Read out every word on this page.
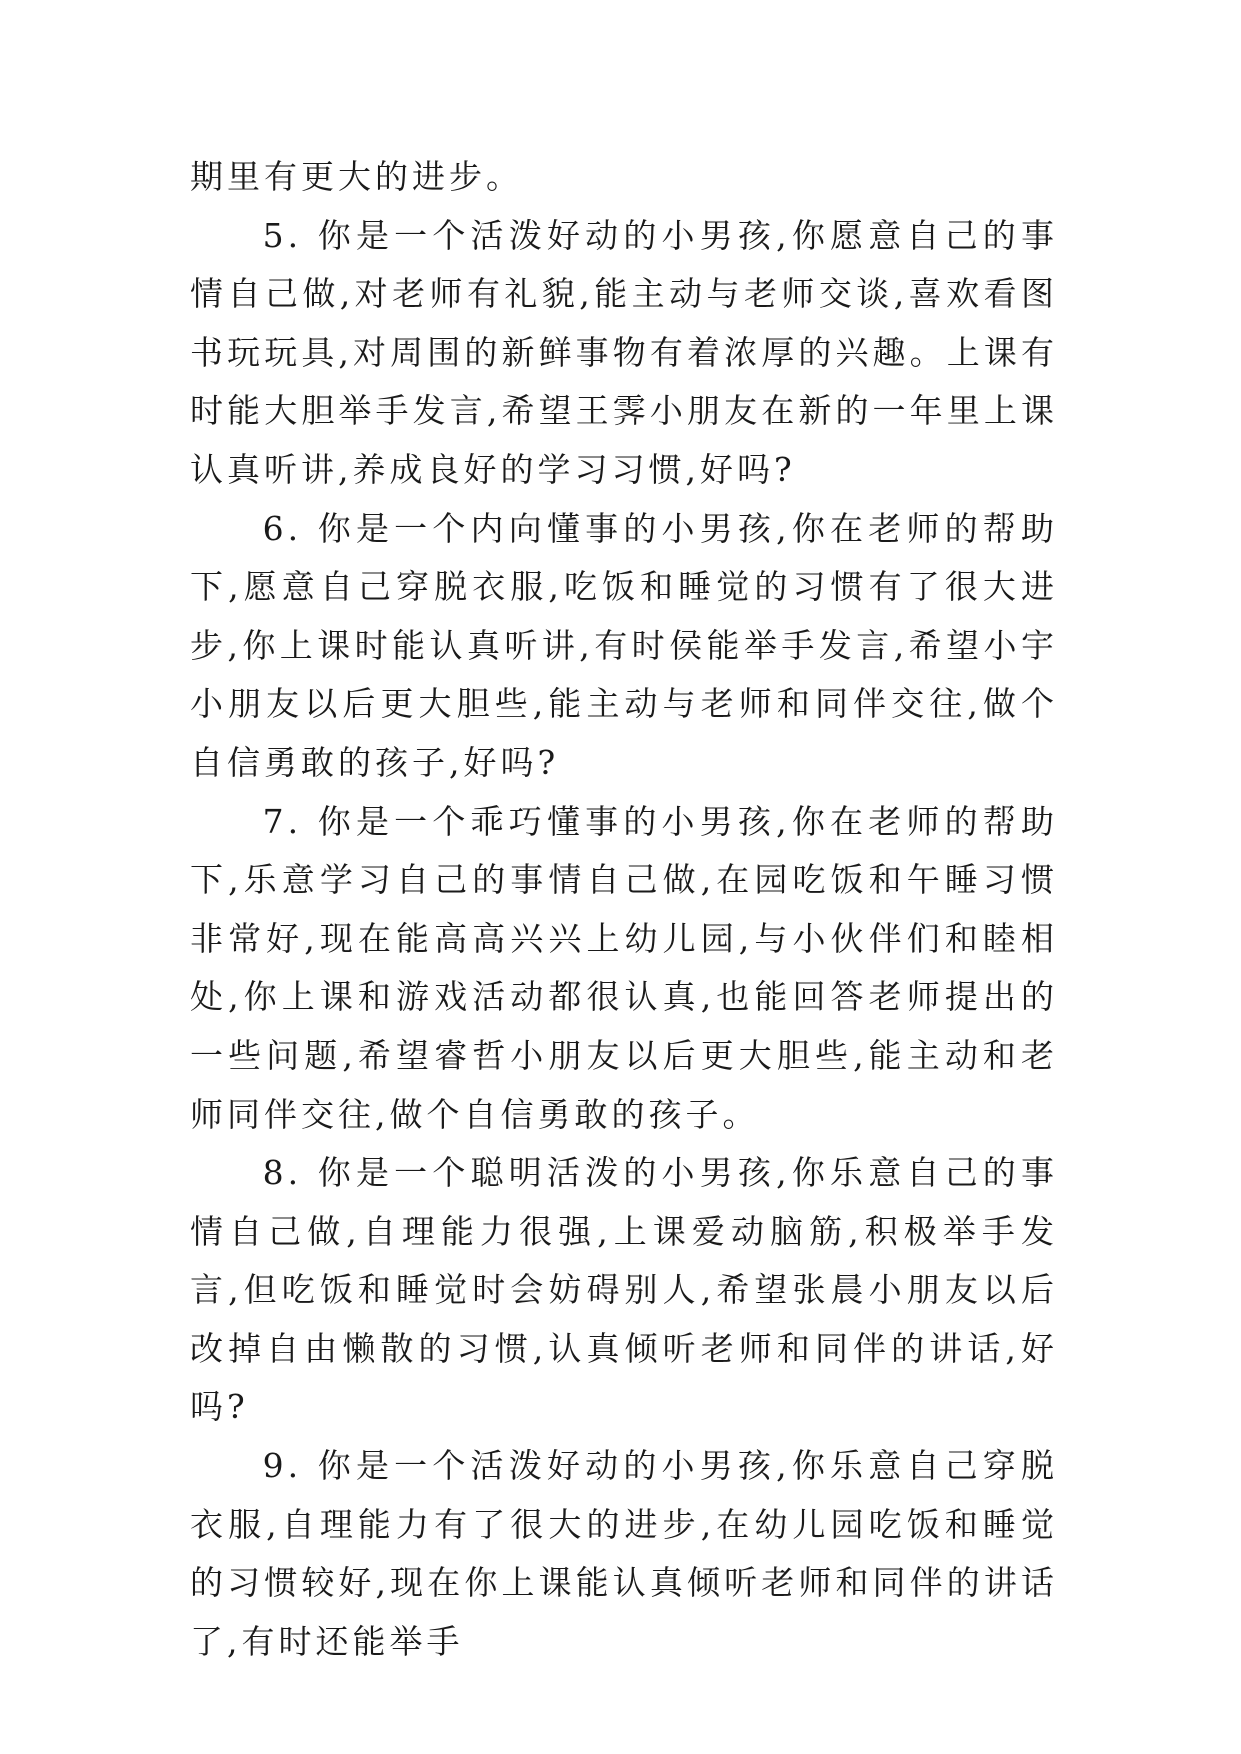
期里有更大的进步。

5. 你是一个活泼好动的小男孩,你愿意自己的事情自己做,对老师有礼貌,能主动与老师交谈,喜欢看图书玩玩具,对周围的新鲜事物有着浓厚的兴趣。上课有时能大胆举手发言,希望王霁小朋友在新的一年里上课认真听讲,养成良好的学习习惯,好吗?

6. 你是一个内向懂事的小男孩,你在老师的帮助下,愿意自己穿脱衣服,吃饭和睡觉的习惯有了很大进步,你上课时能认真听讲,有时侯能举手发言,希望小宇小朋友以后更大胆些,能主动与老师和同伴交往,做个自信勇敢的孩子,好吗?

7. 你是一个乖巧懂事的小男孩,你在老师的帮助下,乐意学习自己的事情自己做,在园吃饭和午睡习惯非常好,现在能高高兴兴上幼儿园,与小伙伴们和睦相处,你上课和游戏活动都很认真,也能回答老师提出的一些问题,希望睿哲小朋友以后更大胆些,能主动和老师同伴交往,做个自信勇敢的孩子。

8. 你是一个聪明活泼的小男孩,你乐意自己的事情自己做,自理能力很强,上课爱动脑筋,积极举手发言,但吃饭和睡觉时会妨碍别人,希望张晨小朋友以后改掉自由懒散的习惯,认真倾听老师和同伴的讲话,好吗?

9. 你是一个活泼好动的小男孩,你乐意自己穿脱衣服,自理能力有了很大的进步,在幼儿园吃饭和睡觉的习惯较好,现在你上课能认真倾听老师和同伴的讲话了,有时还能举手
